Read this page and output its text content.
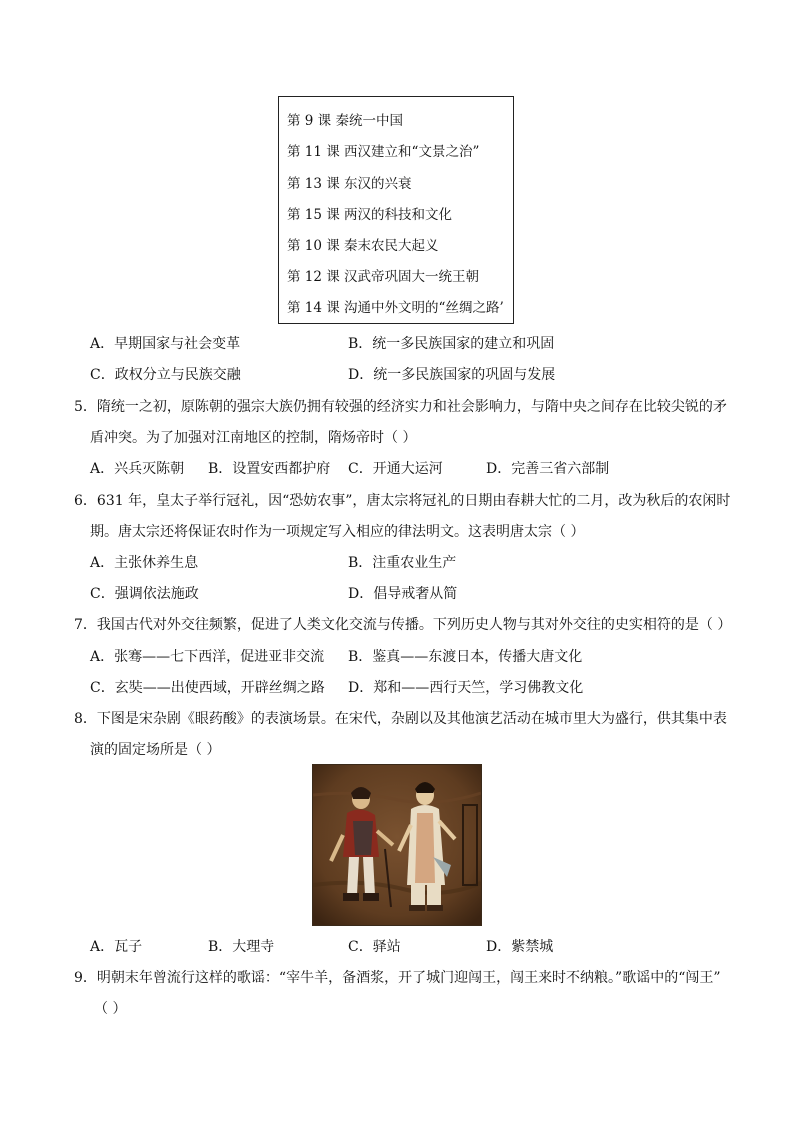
第 9 课 秦统一中国
第 11 课 西汉建立和“文景之治”
第 13 课 东汉的兴衰
第 15 课 两汉的科技和文化
第 10 课 秦末农民大起义
第 12 课 汉武帝巩固大一统王朝
第 14 课 沟通中外文明的“丝绸之路’
A．早期国家与社会变革	B．统一多民族国家的建立和巩固
C．政权分立与民族交融	D．统一多民族国家的巩固与发展
5．隋统一之初，原陈朝的强宗大族仍拥有较强的经济实力和社会影响力，与隋中央之间存在比较尖锐的矛
盾冲突。为了加强对江南地区的控制，隋炀帝时（ ）
A．兴兵灭陈朝 B．设置安西都护府 C．开通大运河	D．完善三省六部制
6．631 年，皇太子举行冠礼，因“恐妨农事”，唐太宗将冠礼的日期由春耕大忙的二月，改为秋后的农闲时
期。唐太宗还将保证农时作为一项规定写入相应的律法明文。这表明唐太宗（ ）
A．主张休养生息	B．注重农业生产
C．强调依法施政	D．倡导戒奢从简
7．我国古代对外交往频繁，促进了人类文化交流与传播。下列历史人物与其对外交往的史实相符的是（ ）
A．张骞——七下西洋，促进亚非交流 B．鉴真——东渡日本，传播大唐文化
C．玄奘——出使西域，开辟丝绸之路 D．郑和——西行天竺，学习佛教文化
8．下图是宋杂剧《眼药酸》的表演场景。在宋代，杂剧以及其他演艺活动在城市里大为盛行，供其集中表
演的固定场所是（ ）
A．瓦子	B．大理寺	C．驿站	D．紫禁城
9．明朝末年曾流行这样的歌谣：“宰牛羊，备酒浆，开了城门迎闯王，闯王来时不纳粮。”歌谣中的“闯王”
（ ）
